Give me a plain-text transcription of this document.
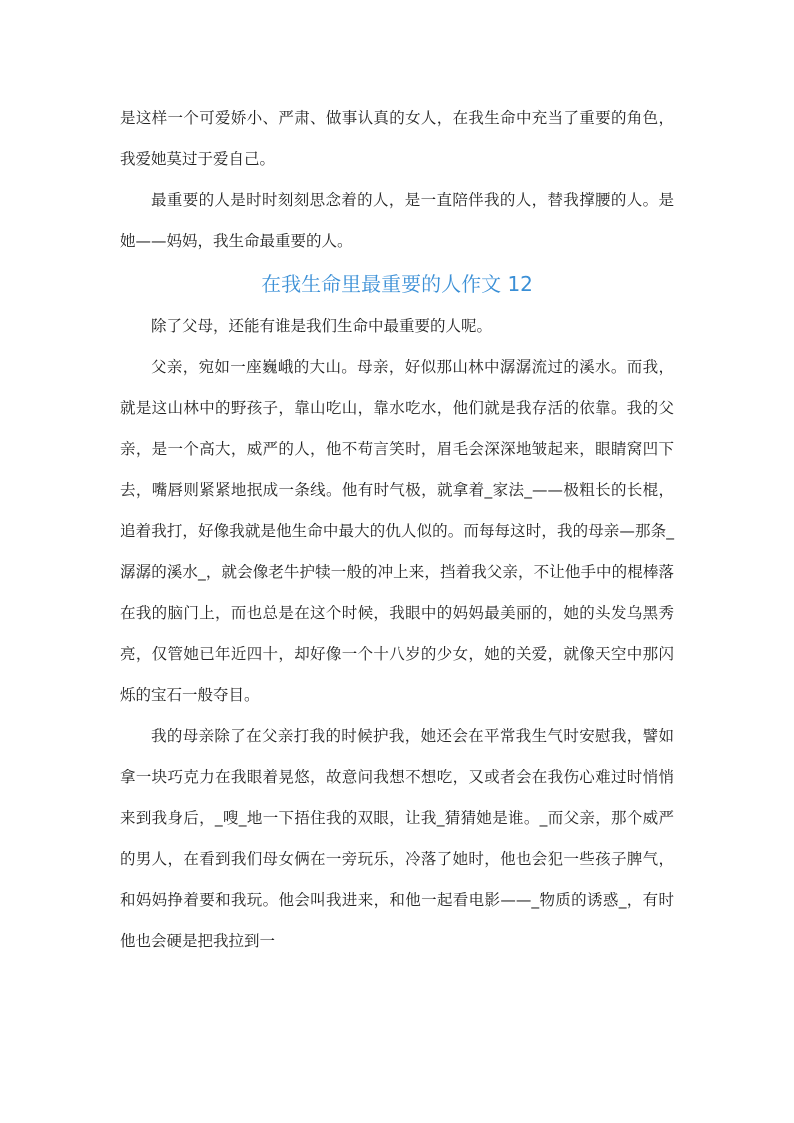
是这样一个可爱娇小、严肃、做事认真的女人，在我生命中充当了重要的角色，我爱她莫过于爱自己。

最重要的人是时时刻刻思念着的人，是一直陪伴我的人，替我撑腰的人。是她——妈妈，我生命最重要的人。

在我生命里最重要的人作文 12

除了父母，还能有谁是我们生命中最重要的人呢。

父亲，宛如一座巍峨的大山。母亲，好似那山林中潺潺流过的溪水。而我，就是这山林中的野孩子，靠山吃山，靠水吃水，他们就是我存活的依靠。我的父亲，是一个高大，威严的人，他不苟言笑时，眉毛会深深地皱起来，眼睛窝凹下去，嘴唇则紧紧地抿成一条线。他有时气极，就拿着_家法_——极粗长的长棍，追着我打，好像我就是他生命中最大的仇人似的。而每每这时，我的母亲—那条_潺潺的溪水_，就会像老牛护犊一般的冲上来，挡着我父亲，不让他手中的棍棒落在我的脑门上，而也总是在这个时候，我眼中的妈妈最美丽的，她的头发乌黑秀亮，仅管她已年近四十，却好像一个十八岁的少女，她的关爱，就像天空中那闪烁的宝石一般夺目。

我的母亲除了在父亲打我的时候护我，她还会在平常我生气时安慰我，譬如拿一块巧克力在我眼着晃悠，故意问我想不想吃，又或者会在我伤心难过时悄悄来到我身后，_嗖_地一下捂住我的双眼，让我_猜猜她是谁。_而父亲，那个威严的男人，在看到我们母女俩在一旁玩乐，冷落了她时，他也会犯一些孩子脾气，和妈妈挣着要和我玩。他会叫我进来，和他一起看电影——_物质的诱惑_，有时他也会硬是把我拉到一
